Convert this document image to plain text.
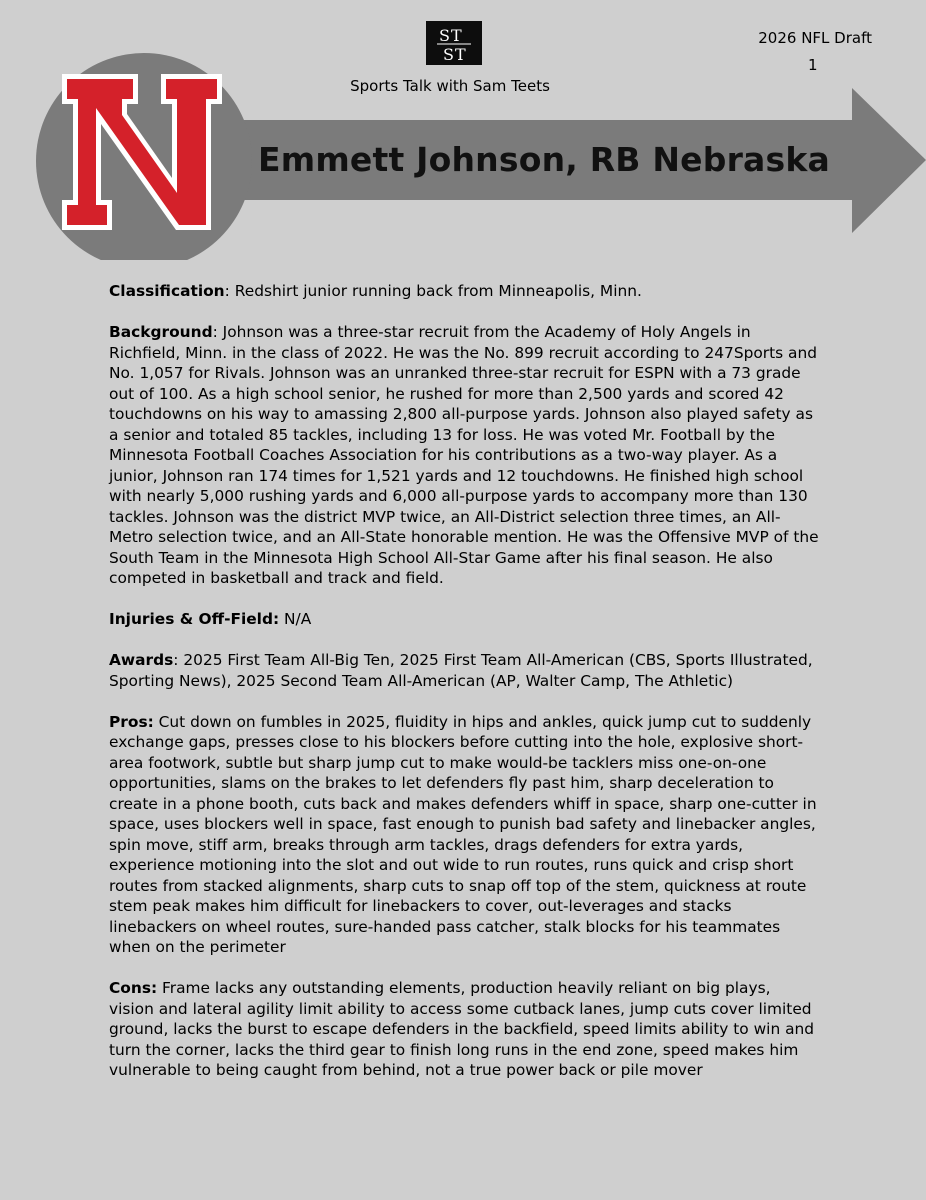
S T
S T
Sports Talk with Sam Teets
2026 NFL Draft
1
Emmett Johnson, RB Nebraska

Classification: Redshirt junior running back from Minneapolis, Minn.

Background: Johnson was a three-star recruit from the Academy of Holy Angels in Richfield, Minn. in the class of 2022. He was the No. 899 recruit according to 247Sports and No. 1,057 for Rivals. Johnson was an unranked three-star recruit for ESPN with a 73 grade out of 100. As a high school senior, he rushed for more than 2,500 yards and scored 42 touchdowns on his way to amassing 2,800 all-purpose yards. Johnson also played safety as a senior and totaled 85 tackles, including 13 for loss. He was voted Mr. Football by the Minnesota Football Coaches Association for his contributions as a two-way player. As a junior, Johnson ran 174 times for 1,521 yards and 12 touchdowns. He finished high school with nearly 5,000 rushing yards and 6,000 all-purpose yards to accompany more than 130 tackles. Johnson was the district MVP twice, an All-District selection three times, an All-Metro selection twice, and an All-State honorable mention. He was the Offensive MVP of the South Team in the Minnesota High School All-Star Game after his final season. He also competed in basketball and track and field.

Injuries & Off-Field: N/A

Awards: 2025 First Team All-Big Ten, 2025 First Team All-American (CBS, Sports Illustrated, Sporting News), 2025 Second Team All-American (AP, Walter Camp, The Athletic)

Pros: Cut down on fumbles in 2025, fluidity in hips and ankles, quick jump cut to suddenly exchange gaps, presses close to his blockers before cutting into the hole, explosive short-area footwork, subtle but sharp jump cut to make would-be tacklers miss one-on-one opportunities, slams on the brakes to let defenders fly past him, sharp deceleration to create in a phone booth, cuts back and makes defenders whiff in space, sharp one-cutter in space, uses blockers well in space, fast enough to punish bad safety and linebacker angles, spin move, stiff arm, breaks through arm tackles, drags defenders for extra yards, experience motioning into the slot and out wide to run routes, runs quick and crisp short routes from stacked alignments, sharp cuts to snap off top of the stem, quickness at route stem peak makes him difficult for linebackers to cover, out-leverages and stacks linebackers on wheel routes, sure-handed pass catcher, stalk blocks for his teammates when on the perimeter

Cons: Frame lacks any outstanding elements, production heavily reliant on big plays, vision and lateral agility limit ability to access some cutback lanes, jump cuts cover limited ground, lacks the burst to escape defenders in the backfield, speed limits ability to win and turn the corner, lacks the third gear to finish long runs in the end zone, speed makes him vulnerable to being caught from behind, not a true power back or pile mover
